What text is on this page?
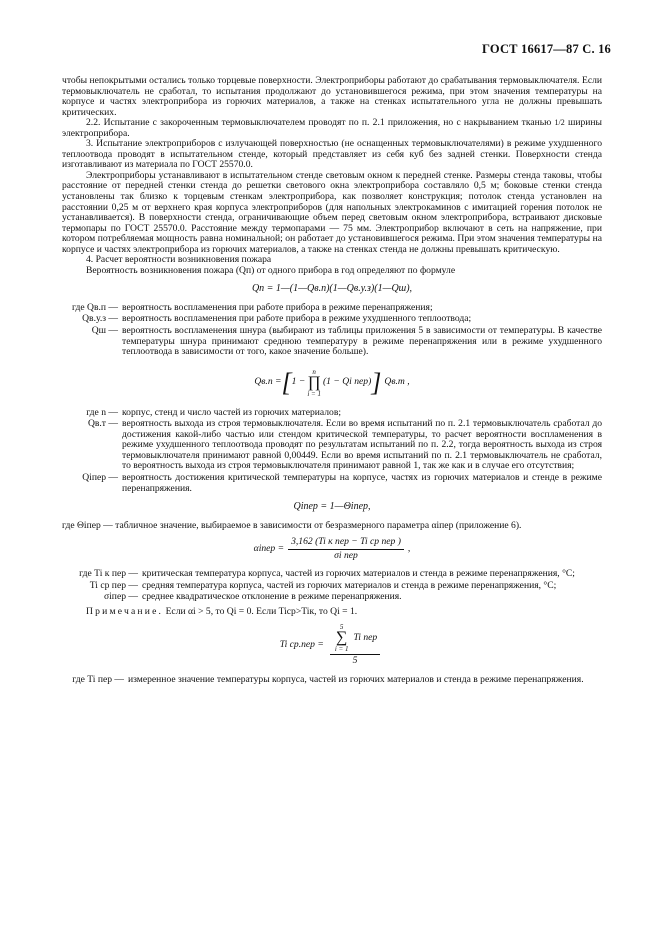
ГОСТ 16617—87 С. 16

чтобы непокрытыми остались только торцевые поверхности. Электроприборы работают до срабатывания термовыключателя. Если термовыключатель не сработал, то испытания продолжают до установившегося режима, при этом значения температуры на корпусе и частях электроприбора из горючих материалов, а также на стенках испытательного угла не должны превышать критических.

2.2. Испытание с закороченным термовыключателем проводят по п. 2.1 приложения, но с накрыванием тканью 1/2 ширины электроприбора.

3. Испытание электроприборов с излучающей поверхностью (не оснащенных термовыключателями) в режиме ухудшенного теплоотвода проводят в испытательном стенде, который представляет из себя куб без задней стенки. Поверхности стенда изготавливают из материала по ГОСТ 25570.0.

Электроприборы устанавливают в испытательном стенде световым окном к передней стенке. Размеры стенда таковы, чтобы расстояние от передней стенки стенда до решетки светового окна электроприбора составляло 0,5 м; боковые стенки стенда установлены так близко к торцевым стенкам электроприбора, как позволяет конструкция; потолок стенда установлен на расстоянии 0,25 м от верхнего края корпуса электроприборов (для напольных электрокаминов с имитацией горения потолок не устанавливается). В поверхности стенда, ограничивающие объем перед световым окном электроприбора, встраивают дисковые термопары по ГОСТ 25570.0. Расстояние между термопарами — 75 мм. Электроприбор включают в сеть на напряжение, при котором потребляемая мощность равна номинальной; он работает до установившегося режима. При этом значения температуры на корпусе и частях электроприбора из горючих материалов, а также на стенках стенда не должны превышать критическую.

4. Расчет вероятности возникновения пожара

Вероятность возникновения пожара (Qп) от одного прибора в год определяют по формуле

Qп = 1—(1—Qв.п)(1—Qв.у.з)(1—Qш),
где Qв.п — вероятность воспламенения при работе прибора в режиме перенапряжения;
Qв.у.з — вероятность воспламенения при работе прибора в режиме ухудшенного теплоотвода;
Qш — вероятность воспламенения шнура (выбирают из таблицы приложения 5 в зависимости от температуры. В качестве температуры шнура принимают среднюю температуру в режиме перенапряжения или в режиме ухудшенного теплоотвода в зависимости от того, какое значение больше).
Qв.п = [ 1 −
n
∏
i = 1
(1 − Qi пер) ] Qв.т ,
где n — корпус, стенд и число частей из горючих материалов;
Qв.т — вероятность выхода из строя термовыключателя. Если во время испытаний по п. 2.1 термовыключатель сработал до достижения какой-либо частью или стендом критической температуры, то расчет вероятности воспламенения в режиме ухудшенного теплоотвода проводят по результатам испытаний по п. 2.2, тогда вероятность выхода из строя термовыключателя принимают равной 0,00449. Если во время испытаний по п. 2.1 термовыключатель не сработал, то вероятность выхода из строя термовыключателя принимают равной 1, так же как и в случае его отсутствия;
Qiпер — вероятность достижения критической температуры на корпусе, частях из горючих материалов и стенде в режиме перенапряжения.
Qiпер = 1—Θiпер,

где Θiпер — табличное значение, выбираемое в зависимости от безразмерного параметра αiпер (приложение 6).

αiпер = $\frac{\text{3,162 (Ti к пер − Ti ср пер )}}{\text{σi пер}}$ ,
где Ti к пер — критическая температура корпуса, частей из горючих материалов и стенда в режиме перенапряжения, °С;
Ti ср пер — средняя температура корпуса, частей из горючих материалов и стенда в режиме перенапряжения, °С;
σiпер — среднее квадратическое отклонение в режиме перенапряжения.

Примечание. Если αi > 5, то Qi = 0. Если Tiср>Tiк, то Qi = 1.

Ti ср.пер =
5
∑
i = 1
Ti пер
5
где Ti пер — измеренное значение температуры корпуса, частей из горючих материалов и стенда в режиме перенапряжения.
